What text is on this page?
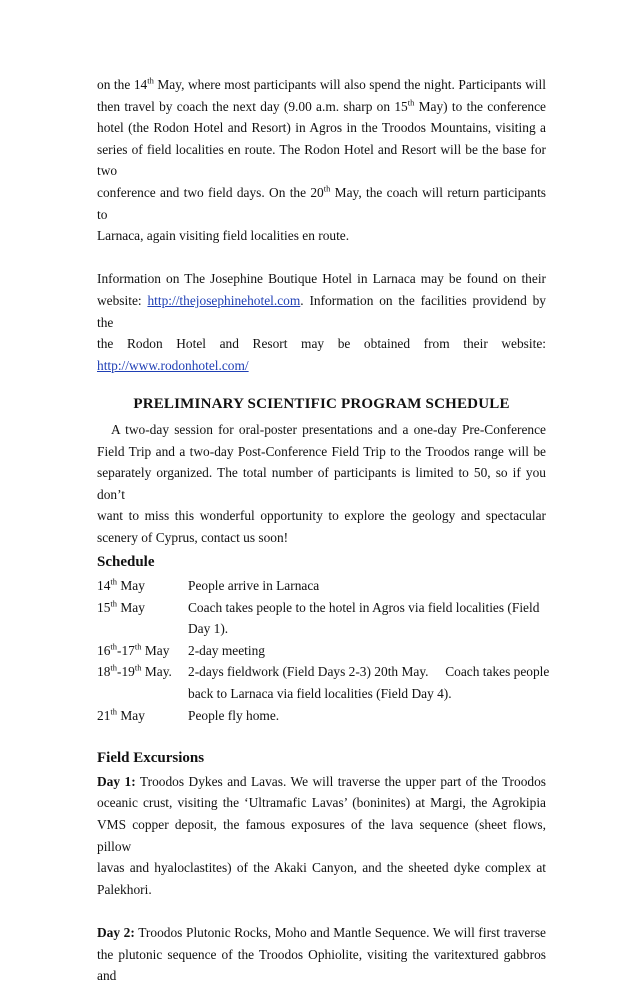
on the 14th May, where most participants will also spend the night. Participants will
then travel by coach the next day (9.00 a.m. sharp on 15th May) to the conference
hotel (the Rodon Hotel and Resort) in Agros in the Troodos Mountains, visiting a
series of field localities en route. The Rodon Hotel and Resort will be the base for two
conference and two field days. On the 20th May, the coach will return participants to
Larnaca, again visiting field localities en route.

Information on The Josephine Boutique Hotel in Larnaca may be found on their
website: http://thejosephinehotel.com. Information on the facilities providend by the
the Rodon Hotel and Resort may be obtained from their website:
http://www.rodonhotel.com/

PRELIMINARY SCIENTIFIC PROGRAM SCHEDULE

A two-day session for oral-poster presentations and a one-day Pre-Conference
Field Trip and a two-day Post-Conference Field Trip to the Troodos range will be
separately organized. The total number of participants is limited to 50, so if you don’t
want to miss this wonderful opportunity to explore the geology and spectacular
scenery of Cyprus, contact us soon!

Schedule

14th May	People arrive in Larnaca
15th May	Coach takes people to the hotel in Agros via field localities (Field
Day 1).
16th-17th May	2-day meeting
18th-19th May.	2-days fieldwork (Field Days 2-3) 20th May.     Coach takes people
back to Larnaca via field localities (Field Day 4).
21th May	People fly home.

Field Excursions

Day 1: Troodos Dykes and Lavas. We will traverse the upper part of the Troodos
oceanic crust, visiting the ‘Ultramafic Lavas’ (boninites) at Margi, the Agrokipia
VMS copper deposit, the famous exposures of the lava sequence (sheet flows, pillow
lavas and hyaloclastites) of the Akaki Canyon, and the sheeted dyke complex at
Palekhori.

Day 2: Troodos Plutonic Rocks, Moho and Mantle Sequence. We will first traverse
the plutonic sequence of the Troodos Ophiolite, visiting the varitextured gabbros and
